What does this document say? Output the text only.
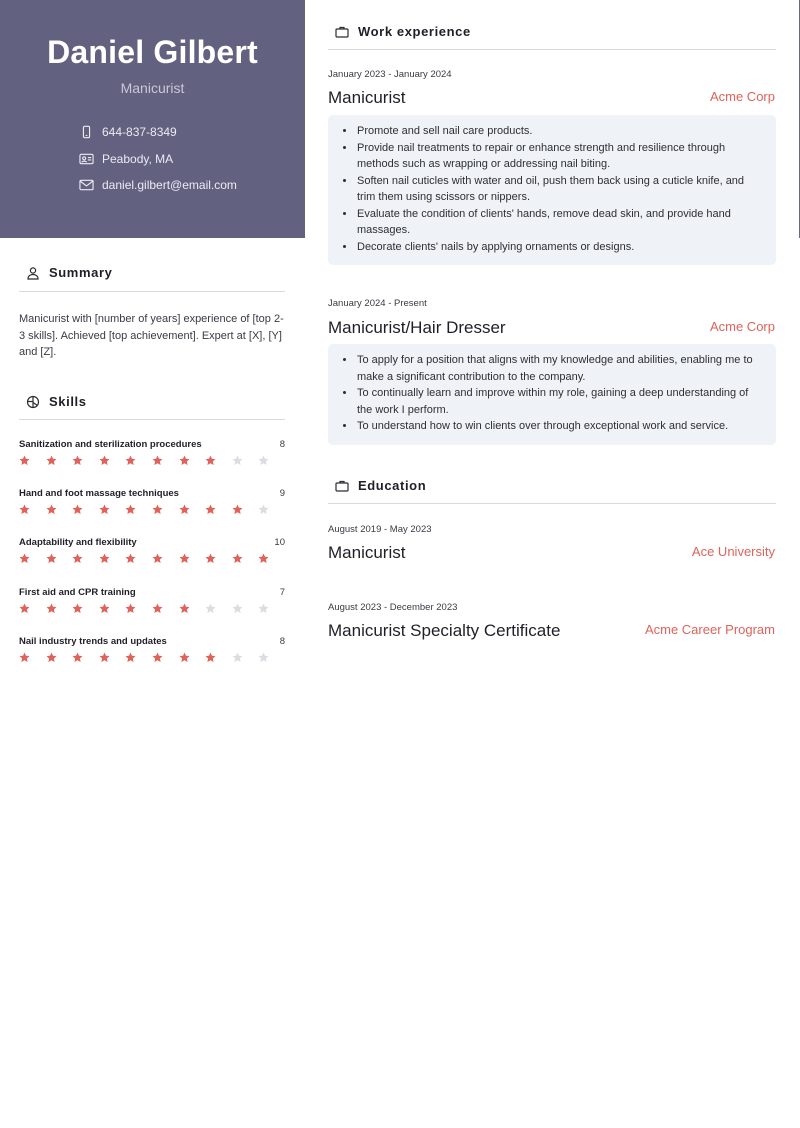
Daniel Gilbert
Manicurist
644-837-8349
Peabody, MA
daniel.gilbert@email.com
Summary
Manicurist with [number of years] experience of [top 2-3 skills]. Achieved [top achievement]. Expert at [X], [Y] and [Z].
Skills
Sanitization and sterilization procedures	8
Hand and foot massage techniques	9
Adaptability and flexibility	10
First aid and CPR training	7
Nail industry trends and updates	8
Work experience
January 2023 - January 2024
Manicurist	Acme Corp
• Promote and sell nail care products.
• Provide nail treatments to repair or enhance strength and resilience through methods such as wrapping or addressing nail biting.
• Soften nail cuticles with water and oil, push them back using a cuticle knife, and trim them using scissors or nippers.
• Evaluate the condition of clients' hands, remove dead skin, and provide hand massages.
• Decorate clients' nails by applying ornaments or designs.
January 2024 - Present
Manicurist/Hair Dresser	Acme Corp
• To apply for a position that aligns with my knowledge and abilities, enabling me to make a significant contribution to the company.
• To continually learn and improve within my role, gaining a deep understanding of the work I perform.
• To understand how to win clients over through exceptional work and service.
Education
August 2019 - May 2023
Manicurist	Ace University
August 2023 - December 2023
Manicurist Specialty Certificate	Acme Career Program
